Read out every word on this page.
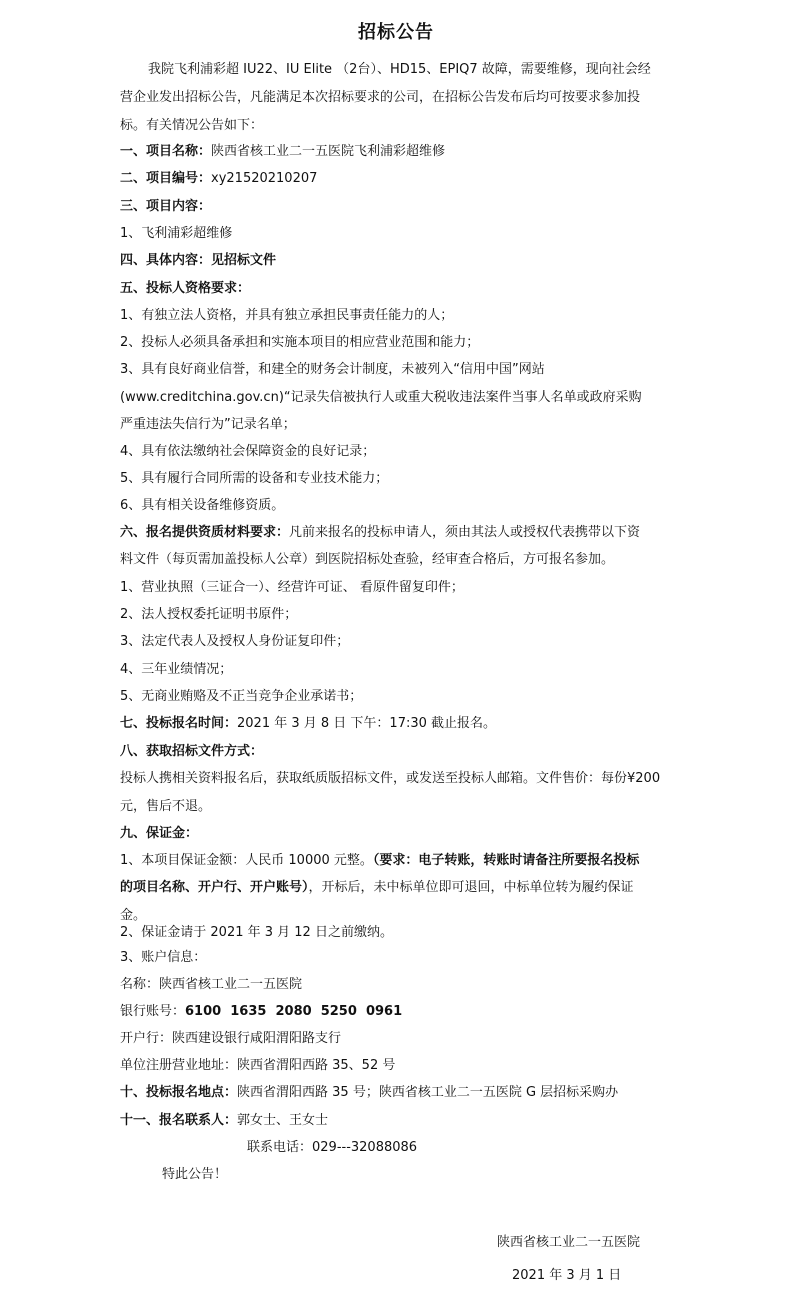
招标公告
我院飞利浦彩超 IU22、IU Elite （2台）、HD15、EPIQ7 故障，需要维修，现向社会经
营企业发出招标公告，凡能满足本次招标要求的公司，在招标公告发布后均可按要求参加投
标。有关情况公告如下：
一、项目名称：陕西省核工业二一五医院飞利浦彩超维修
二、项目编号：xy21520210207
三、项目内容：
1、飞利浦彩超维修
四、具体内容：见招标文件
五、投标人资格要求：
1、有独立法人资格，并具有独立承担民事责任能力的人；
2、投标人必须具备承担和实施本项目的相应营业范围和能力；
3、具有良好商业信誉，和建全的财务会计制度，未被列入“信用中国”网站
(www.creditchina.gov.cn)“记录失信被执行人或重大税收违法案件当事人名单或政府采购
严重违法失信行为”记录名单；
4、具有依法缴纳社会保障资金的良好记录；
5、具有履行合同所需的设备和专业技术能力；
6、具有相关设备维修资质。
六、报名提供资质材料要求：凡前来报名的投标申请人，须由其法人或授权代表携带以下资
料文件（每页需加盖投标人公章）到医院招标处查验，经审查合格后，方可报名参加。
1、营业执照（三证合一）、经营许可证、 看原件留复印件；
2、法人授权委托证明书原件；
3、法定代表人及授权人身份证复印件；
4、三年业绩情况；
5、无商业贿赂及不正当竞争企业承诺书；
七、投标报名时间：2021 年 3 月 8 日 下午：17:30 截止报名。
八、获取招标文件方式：
投标人携相关资料报名后，获取纸质版招标文件，或发送至投标人邮箱。文件售价：每份¥200
元，售后不退。
九、保证金：
1、本项目保证金额：人民币 10000 元整。（要求：电子转账，转账时请备注所要报名投标
的项目名称、开户行、开户账号），开标后，未中标单位即可退回，中标单位转为履约保证
金。
2、保证金请于 2021 年 3 月 12 日之前缴纳。
3、账户信息：
名称：陕西省核工业二一五医院
银行账号：6100  1635  2080  5250  0961
开户行：陕西建设银行咸阳渭阳路支行
单位注册营业地址：陕西省渭阳西路 35、52 号
十、投标报名地点：陕西省渭阳西路 35 号；陕西省核工业二一五医院 G 层招标采购办
十一、报名联系人：郭女士、王女士
联系电话：029---32088086
特此公告！
陕西省核工业二一五医院
2021 年 3 月 1 日
